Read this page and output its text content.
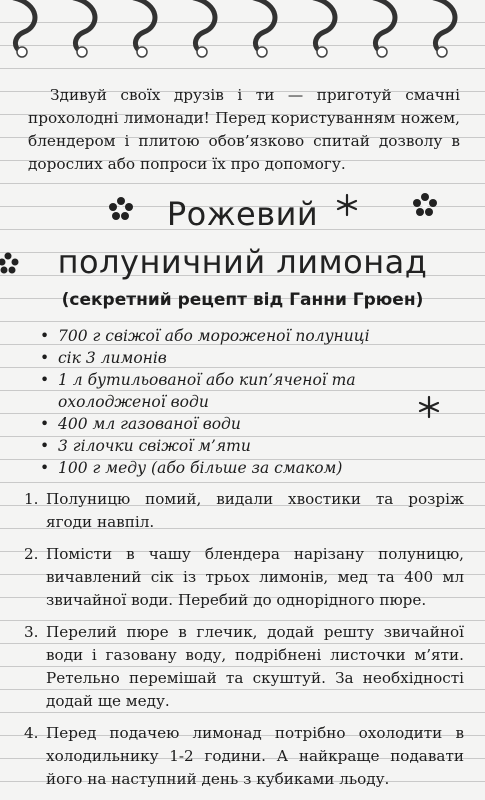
Здивуй своїх друзів і ти — приготуй смачні прохолодні лимонади! Перед користуванням ножем, блендером і плитою обов’язково спитай дозволу в дорослих або попроси їх про допомогу.

Рожевий
полуничний лимонад
(секретний рецепт від Ганни Грюен)
• 700 г свіжої або мороженої полуниці
• сік 3 лимонів
• 1 л бутильованої або кип’яченої та охолодженої води
• 400 мл газованої води
• 3 гілочки свіжої м’яти
• 100 г меду (або більше за смаком)
1. Полуницю помий, видали хвостики та розріж ягоди навпіл.
2. Помісти в чашу блендера нарізану полуницю, вичавлений сік із трьох лимонів, мед та 400 мл звичайної води. Перебий до однорідного пюре.
3. Перелий пюре в глечик, додай решту звичайної води і газовану воду, подрібнені листочки м’яти. Ретельно перемішай та скуштуй. За необхідності додай ще меду.
4. Перед подачею лимонад потрібно охолодити в холодильнику 1-2 години. А найкраще подавати його на наступний день з кубиками льоду.
